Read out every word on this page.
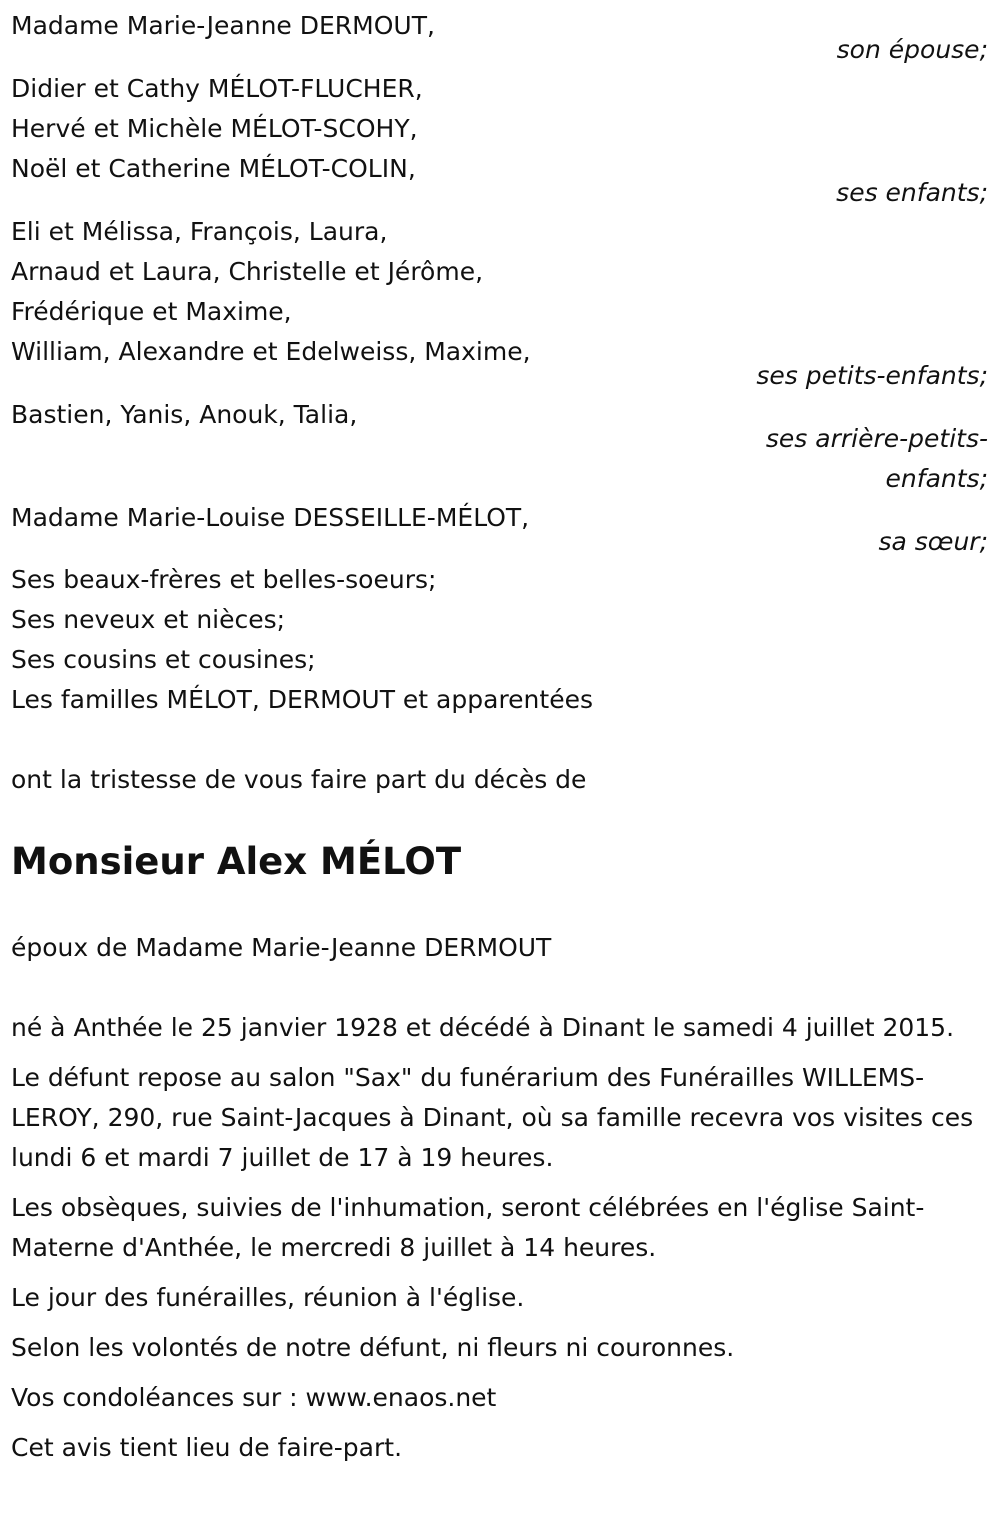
Madame Marie-Jeanne DERMOUT,
son épouse;
Didier et Cathy MÉLOT-FLUCHER,
Hervé et Michèle MÉLOT-SCOHY,
Noël et Catherine MÉLOT-COLIN,
ses enfants;
Eli et Mélissa, François, Laura,
Arnaud et Laura, Christelle et Jérôme,
Frédérique et Maxime,
William, Alexandre et Edelweiss, Maxime,
ses petits-enfants;
Bastien, Yanis, Anouk, Talia,
ses arrière-petits-
enfants;
Madame Marie-Louise DESSEILLE-MÉLOT,
sa sœur;
Ses beaux-frères et belles-soeurs;
Ses neveux et nièces;
Ses cousins et cousines;
Les familles MÉLOT, DERMOUT et apparentées
ont la tristesse de vous faire part du décès de
Monsieur Alex MÉLOT
époux de Madame Marie-Jeanne DERMOUT

né à Anthée le 25 janvier 1928 et décédé à Dinant le samedi 4 juillet 2015.

Le défunt repose au salon "Sax" du funérarium des Funérailles WILLEMS-LEROY, 290, rue Saint-Jacques à Dinant, où sa famille recevra vos visites ces lundi 6 et mardi 7 juillet de 17 à 19 heures.

Les obsèques, suivies de l'inhumation, seront célébrées en l'église Saint-Materne d'Anthée, le mercredi 8 juillet à 14 heures.

Le jour des funérailles, réunion à l'église.

Selon les volontés de notre défunt, ni fleurs ni couronnes.

Vos condoléances sur : www.enaos.net

Cet avis tient lieu de faire-part.
